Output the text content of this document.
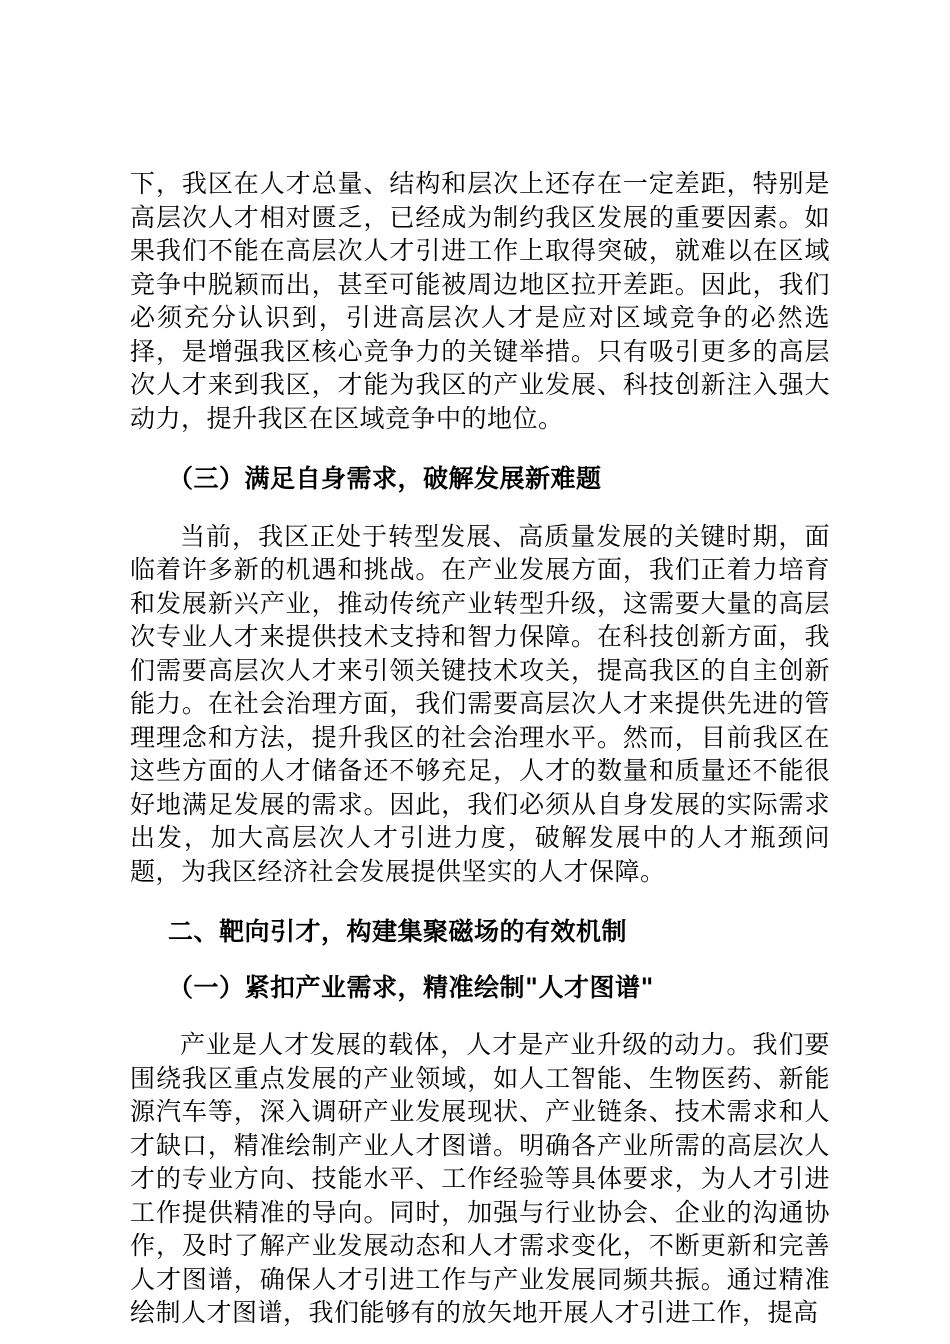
下，我区在人才总量、结构和层次上还存在一定差距，特别是高层次人才相对匮乏，已经成为制约我区发展的重要因素。如果我们不能在高层次人才引进工作上取得突破，就难以在区域竞争中脱颖而出，甚至可能被周边地区拉开差距。因此，我们必须充分认识到，引进高层次人才是应对区域竞争的必然选择，是增强我区核心竞争力的关键举措。只有吸引更多的高层次人才来到我区，才能为我区的产业发展、科技创新注入强大动力，提升我区在区域竞争中的地位。

（三）满足自身需求，破解发展新难题

当前，我区正处于转型发展、高质量发展的关键时期，面临着许多新的机遇和挑战。在产业发展方面，我们正着力培育和发展新兴产业，推动传统产业转型升级，这需要大量的高层次专业人才来提供技术支持和智力保障。在科技创新方面，我们需要高层次人才来引领关键技术攻关，提高我区的自主创新能力。在社会治理方面，我们需要高层次人才来提供先进的管理理念和方法，提升我区的社会治理水平。然而，目前我区在这些方面的人才储备还不够充足，人才的数量和质量还不能很好地满足发展的需求。因此，我们必须从自身发展的实际需求出发，加大高层次人才引进力度，破解发展中的人才瓶颈问题，为我区经济社会发展提供坚实的人才保障。

二、靶向引才，构建集聚磁场的有效机制

（一）紧扣产业需求，精准绘制"人才图谱"

产业是人才发展的载体，人才是产业升级的动力。我们要围绕我区重点发展的产业领域，如人工智能、生物医药、新能源汽车等，深入调研产业发展现状、产业链条、技术需求和人才缺口，精准绘制产业人才图谱。明确各产业所需的高层次人才的专业方向、技能水平、工作经验等具体要求，为人才引进工作提供精准的导向。同时，加强与行业协会、企业的沟通协作，及时了解产业发展动态和人才需求变化，不断更新和完善人才图谱，确保人才引进工作与产业发展同频共振。通过精准绘制人才图谱，我们能够有的放矢地开展人才引进工作，提高
